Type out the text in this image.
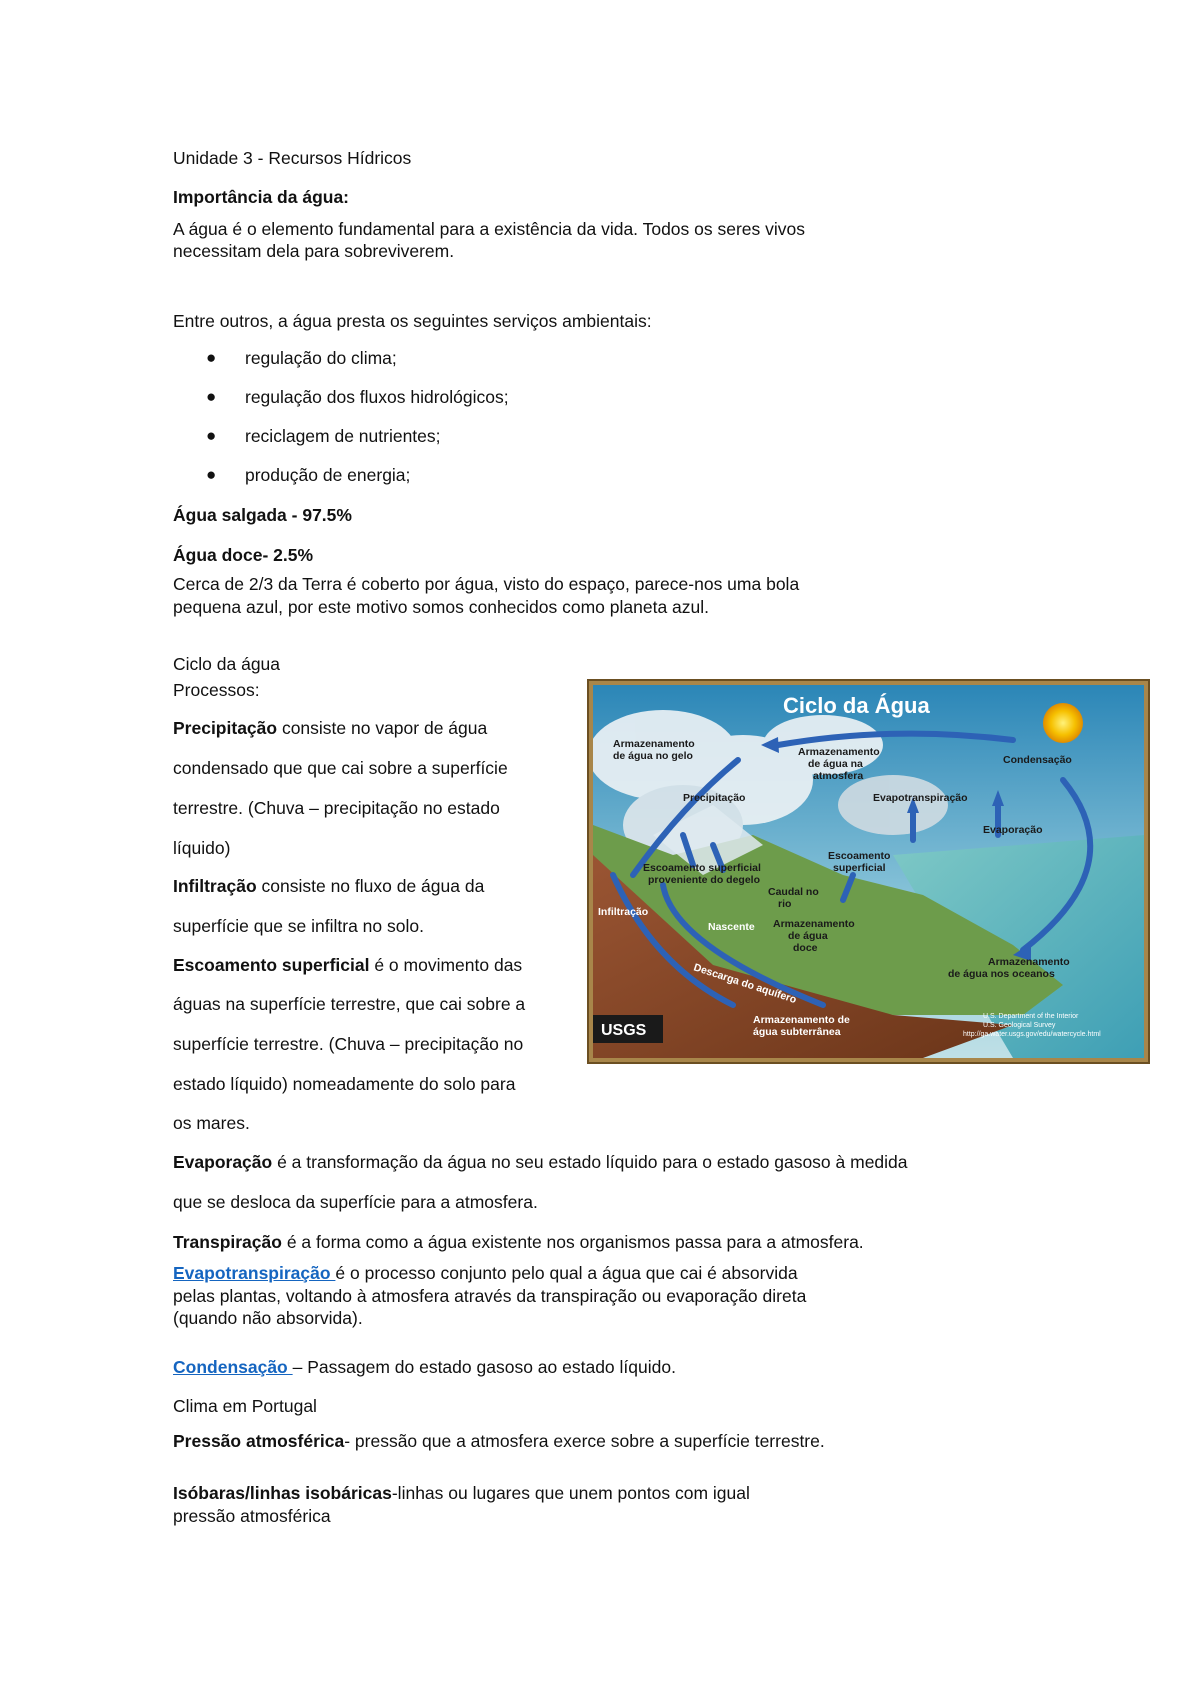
Unidade 3 - Recursos Hídricos
Importância da água:
A água é o elemento fundamental para a existência da vida. Todos os seres vivos
necessitam dela para sobreviverem.
Entre outros, a água presta os seguintes serviços ambientais:
● regulação do clima;
● regulação dos fluxos hidrológicos;
● reciclagem de nutrientes;
● produção de energia;
Água salgada - 97.5%
Água doce- 2.5%
Cerca de 2/3 da Terra é coberto por água, visto do espaço, parece-nos uma bola
pequena azul, por este motivo somos conhecidos como planeta azul.
Ciclo da água
Processos:
Precipitação consiste no vapor de água
condensado que que cai sobre a superfície
terrestre. (Chuva – precipitação no estado
líquido)
Infiltração consiste no fluxo de água da
superfície que se infiltra no solo.
Escoamento superficial é o movimento das
águas na superfície terrestre, que cai sobre a
superfície terrestre. (Chuva – precipitação no
estado líquido) nomeadamente do solo para
os mares.
Evaporação é a transformação da água no seu estado líquido para o estado gasoso à medida
que se desloca da superfície para a atmosfera.
Transpiração é a forma como a água existente nos organismos passa para a atmosfera.
Evapotranspiração é o processo conjunto pelo qual a água que cai é absorvida
pelas plantas, voltando à atmosfera através da transpiração ou evaporação direta
(quando não absorvida).
Condensação – Passagem do estado gasoso ao estado líquido.
Clima em Portugal
Pressão atmosférica- pressão que a atmosfera exerce sobre a superfície terrestre.
Isóbaras/linhas isobáricas-linhas ou lugares que unem pontos com igual
pressão atmosférica
Ciclo da Água
Armazenamento
de água no gelo	Armazenamento
de água na
atmosfera
Condensação
Precipitação	Evapotranspiração
Evaporação
Escoamento superficial
proveniente do degelo
Escoamento
superficial
Caudal no
rio
Infiltração
Nascente Armazenamento
de água
doce
Armazenamento
de água nos oceanos
Descarga do aquífero
Armazenamento de
água subterrânea
USGS
U.S. Department of the Interior
U.S. Geological Survey
http://ga.water.usgs.gov/edu/watercycle.html
